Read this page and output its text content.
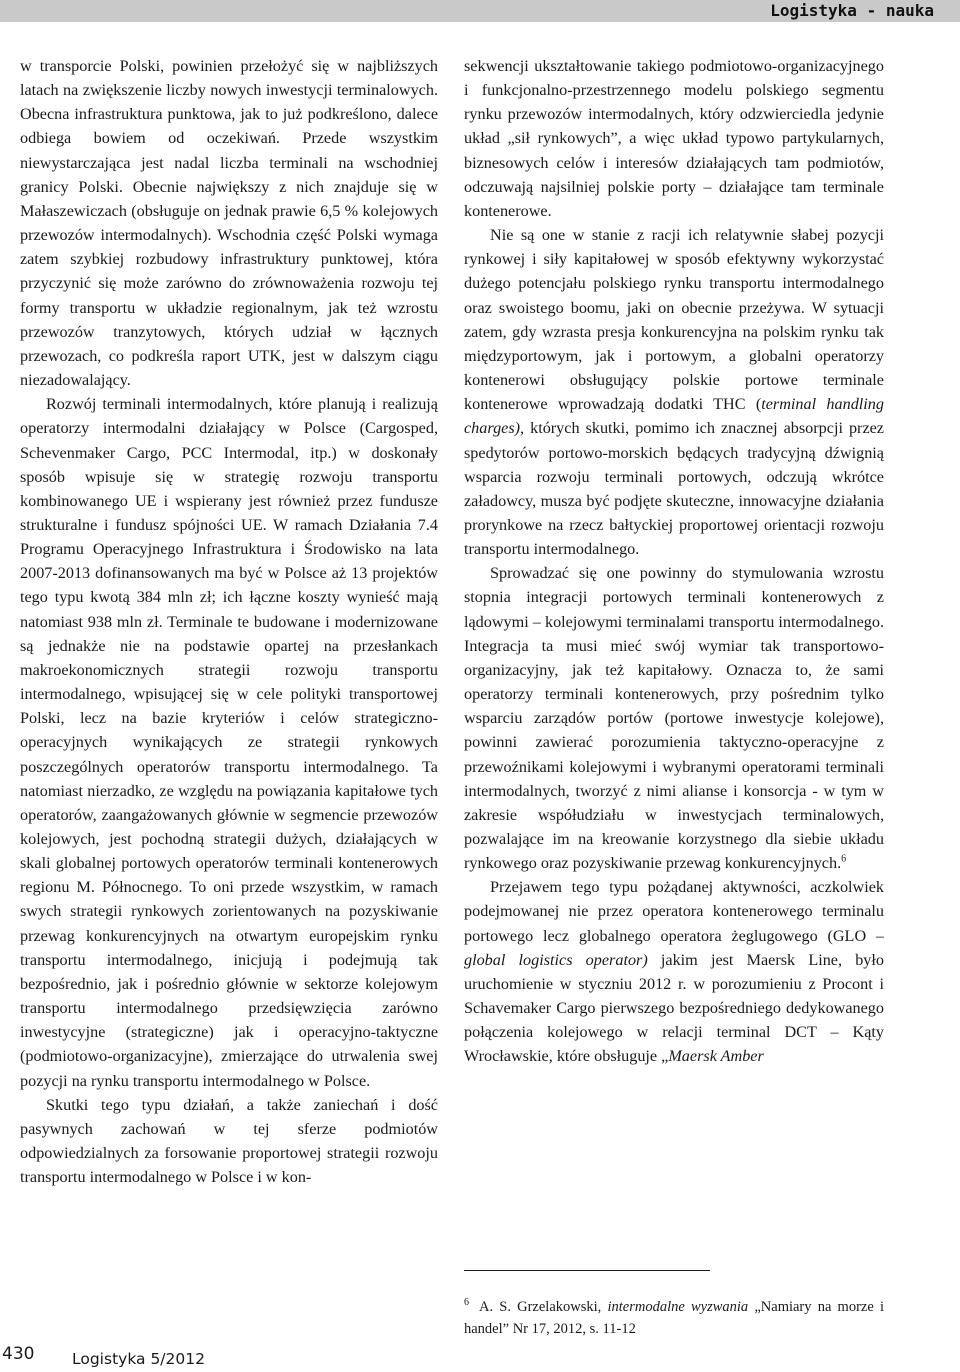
Logistyka - nauka

w transporcie Polski, powinien przełożyć się w najbliższych latach na zwiększenie liczby nowych inwestycji terminalowych. Obecna infrastruktura punktowa, jak to już podkreślono, dalece odbiega bowiem od oczekiwań. Przede wszystkim niewystarczająca jest nadal liczba terminali na wschodniej granicy Polski. Obecnie największy z nich znajduje się w Małaszewiczach (obsługuje on jednak prawie 6,5 % kolejowych przewozów intermodalnych). Wschodnia część Polski wymaga zatem szybkiej rozbudowy infrastruktury punktowej, która przyczynić się może zarówno do zrównoważenia rozwoju tej formy transportu w układzie regionalnym, jak też wzrostu przewozów tranzytowych, których udział w łącznych przewozach, co podkreśla raport UTK, jest w dalszym ciągu niezadowalający.

Rozwój terminali intermodalnych, które planują i realizują operatorzy intermodalni działający w Polsce (Cargosped, Schevenmaker Cargo, PCC Intermodal, itp.) w doskonały sposób wpisuje się w strategię rozwoju transportu kombinowanego UE i wspierany jest również przez fundusze strukturalne i fundusz spójności UE. W ramach Działania 7.4 Programu Operacyjnego Infrastruktura i Środowisko na lata 2007-2013 dofinansowanych ma być w Polsce aż 13 projektów tego typu kwotą 384 mln zł; ich łączne koszty wynieść mają natomiast 938 mln zł. Terminale te budowane i modernizowane są jednakże nie na podstawie opartej na przesłankach makroekonomicznych strategii rozwoju transportu intermodalnego, wpisującej się w cele polityki transportowej Polski, lecz na bazie kryteriów i celów strategiczno-operacyjnych wynikających ze strategii rynkowych poszczególnych operatorów transportu intermodalnego. Ta natomiast nierzadko, ze względu na powiązania kapitałowe tych operatorów, zaangażowanych głównie w segmencie przewozów kolejowych, jest pochodną strategii dużych, działających w skali globalnej portowych operatorów terminali kontenerowych regionu M. Północnego. To oni przede wszystkim, w ramach swych strategii rynkowych zorientowanych na pozyskiwanie przewag konkurencyjnych na otwartym europejskim rynku transportu intermodalnego, inicjują i podejmują tak bezpośrednio, jak i pośrednio głównie w sektorze kolejowym transportu intermodalnego przedsięwzięcia zarówno inwestycyjne (strategiczne) jak i operacyjno-taktyczne (podmiotowo-organizacyjne), zmierzające do utrwalenia swej pozycji na rynku transportu intermodalnego w Polsce.

Skutki tego typu działań, a także zaniechań i dość pasywnych zachowań w tej sferze podmiotów odpowiedzialnych za forsowanie proportowej strategii rozwoju transportu intermodalnego w Polsce i w kon-

sekwencji ukształtowanie takiego podmiotowo-organizacyjnego i funkcjonalno-przestrzennego modelu polskiego segmentu rynku przewozów intermodalnych, który odzwierciedla jedynie układ „sił rynkowych”, a więc układ typowo partykularnych, biznesowych celów i interesów działających tam podmiotów, odczuwają najsilniej polskie porty – działające tam terminale kontenerowe.

Nie są one w stanie z racji ich relatywnie słabej pozycji rynkowej i siły kapitałowej w sposób efektywny wykorzystać dużego potencjału polskiego rynku transportu intermodalnego oraz swoistego boomu, jaki on obecnie przeżywa. W sytuacji zatem, gdy wzrasta presja konkurencyjna na polskim rynku tak międzyportowym, jak i portowym, a globalni operatorzy kontenerowi obsługujący polskie portowe terminale kontenerowe wprowadzają dodatki THC (terminal handling charges), których skutki, pomimo ich znacznej absorpcji przez spedytorów portowo-morskich będących tradycyjną dźwignią wsparcia rozwoju terminali portowych, odczują wkrótce załadowcy, musza być podjęte skuteczne, innowacyjne działania prorynkowe na rzecz bałtyckiej proportowej orientacji rozwoju transportu intermodalnego.

Sprowadzać się one powinny do stymulowania wzrostu stopnia integracji portowych terminali kontenerowych z lądowymi – kolejowymi terminalami transportu intermodalnego. Integracja ta musi mieć swój wymiar tak transportowo-organizacyjny, jak też kapitałowy. Oznacza to, że sami operatorzy terminali kontenerowych, przy pośrednim tylko wsparciu zarządów portów (portowe inwestycje kolejowe), powinni zawierać porozumienia taktyczno-operacyjne z przewoźnikami kolejowymi i wybranymi operatorami terminali intermodalnych, tworzyć z nimi alianse i konsorcja - w tym w zakresie współudziału w inwestycjach terminalowych, pozwalające im na kreowanie korzystnego dla siebie układu rynkowego oraz pozyskiwanie przewag konkurencyjnych.$^6$

Przejawem tego typu pożądanej aktywności, aczkolwiek podejmowanej nie przez operatora kontenerowego terminalu portowego lecz globalnego operatora żeglugowego (GLO – global logistics operator) jakim jest Maersk Line, było uruchomienie w styczniu 2012 r. w porozumieniu z Procont i Schavemaker Cargo pierwszego bezpośredniego dedykowanego połączenia kolejowego w relacji terminal DCT – Kąty Wrocławskie, które obsługuje „Maersk Amber

$^6$ A. S. Grzelakowski, intermodalne wyzwania „Namiary na morze i handel” Nr 17, 2012, s. 11-12
430 Logistyka 5/2012
